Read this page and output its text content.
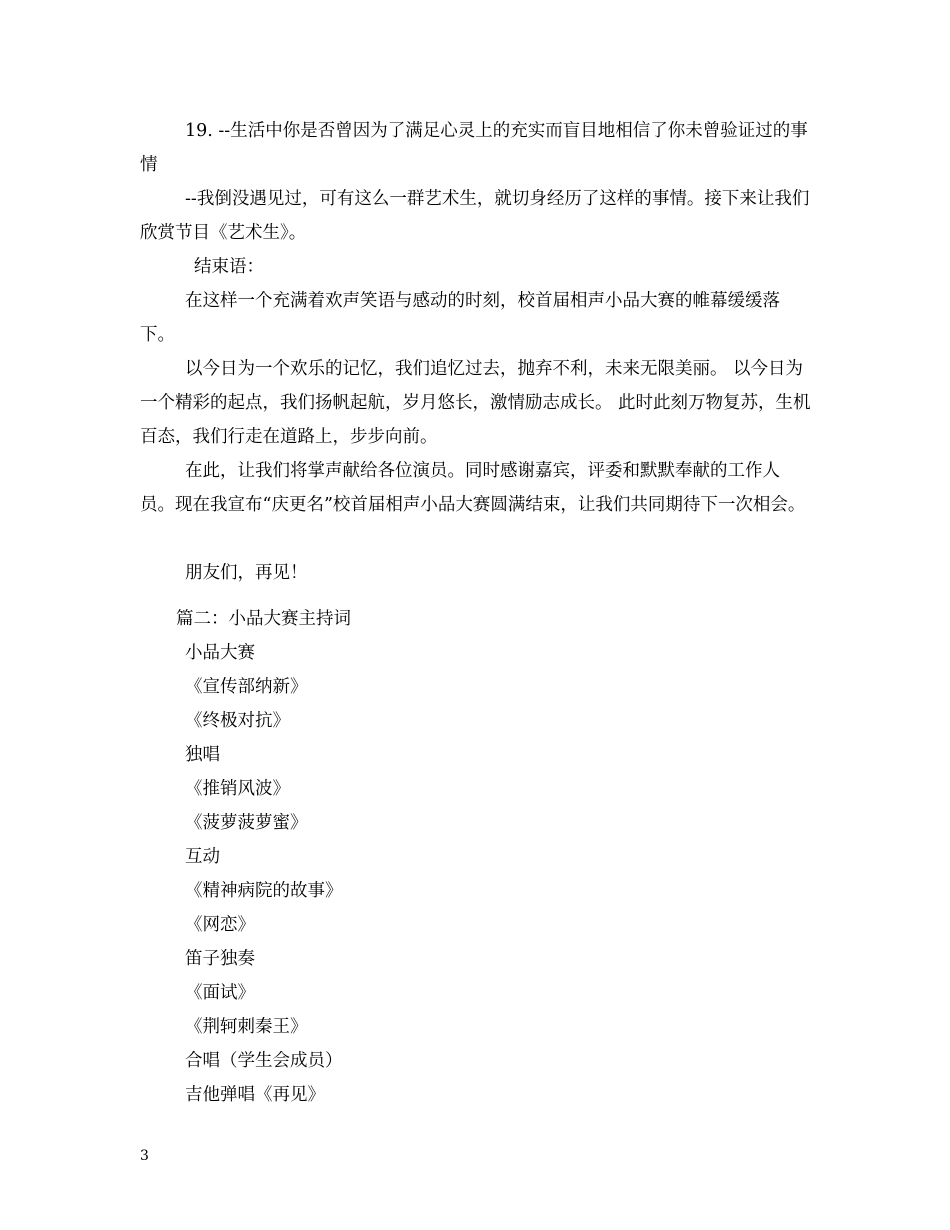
19. --生活中你是否曾因为了满足心灵上的充实而盲目地相信了你未曾验证过的事情

--我倒没遇见过，可有这么一群艺术生，就切身经历了这样的事情。接下来让我们欣赏节目《艺术生》。

结束语：

在这样一个充满着欢声笑语与感动的时刻，校首届相声小品大赛的帷幕缓缓落下。

以今日为一个欢乐的记忆，我们追忆过去，抛弃不利，未来无限美丽。 以今日为一个精彩的起点，我们扬帆起航，岁月悠长，激情励志成长。 此时此刻万物复苏，生机百态，我们行走在道路上，步步向前。

在此，让我们将掌声献给各位演员。同时感谢嘉宾，评委和默默奉献的工作人员。现在我宣布“庆更名”校首届相声小品大赛圆满结束，让我们共同期待下一次相会。

朋友们，再见！

篇二：小品大赛主持词

小品大赛

《宣传部纳新》

《终极对抗》

独唱

《推销风波》

《菠萝菠萝蜜》

互动

《精神病院的故事》

《网恋》

笛子独奏

《面试》

《荆轲刺秦王》

合唱（学生会成员）

吉他弹唱《再见》

3
